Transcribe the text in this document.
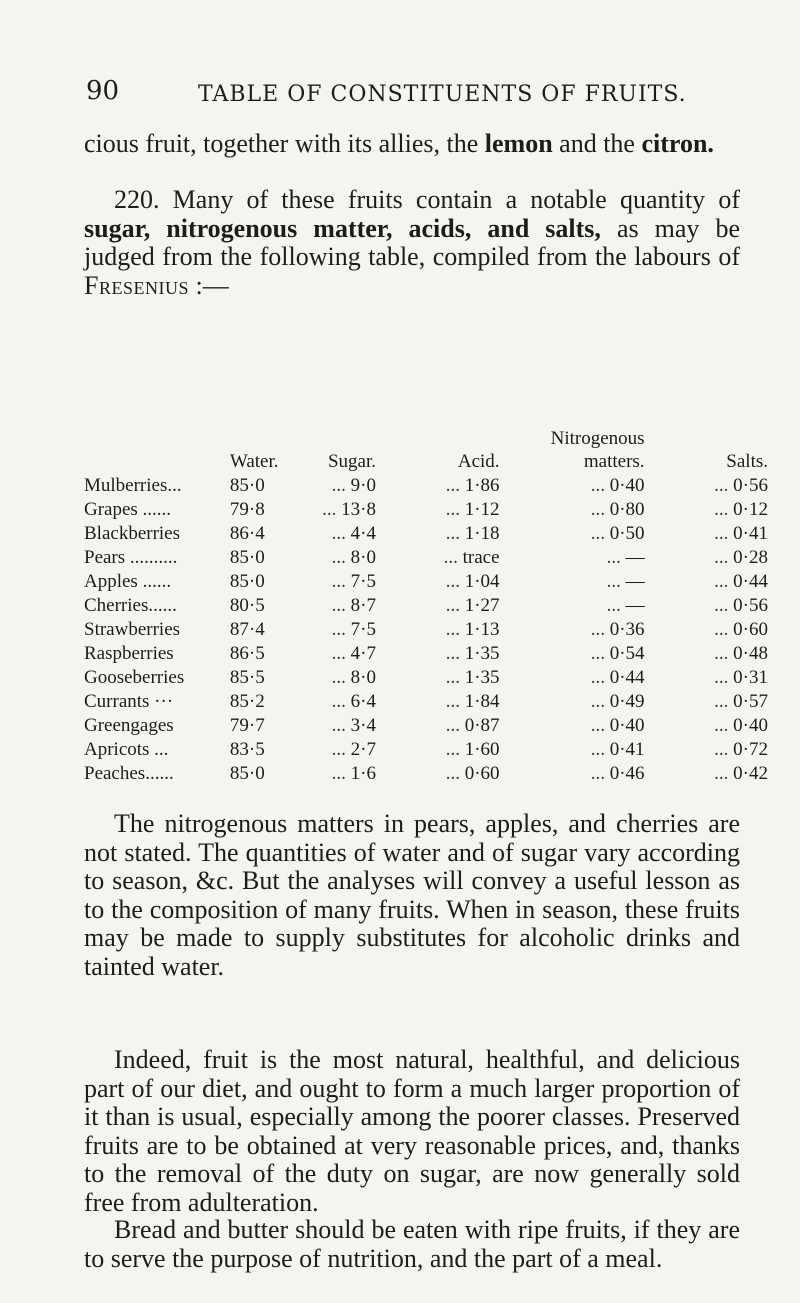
90	TABLE OF CONSTITUENTS OF FRUITS.
cious fruit, together with its allies, the lemon and the citron.
220. Many of these fruits contain a notable quantity of sugar, nitrogenous matter, acids, and salts, as may be judged from the following table, compiled from the labours of Fresenius :—
				Nitrogenous	
	Water.	Sugar.	Acid.	matters.	Salts.
Mulberries...	85·0	... 9·0	... 1·86	... 0·40	... 0·56
Grapes ......	79·8	... 13·8	... 1·12	... 0·80	... 0·12
Blackberries	86·4	... 4·4	... 1·18	... 0·50	... 0·41
Pears ..........	85·0	... 8·0	... trace	... —	... 0·28
Apples ......	85·0	... 7·5	... 1·04	... —	... 0·44
Cherries......	80·5	... 8·7	... 1·27	... —	... 0·56
Strawberries	87·4	... 7·5	... 1·13	... 0·36	... 0·60
Raspberries	86·5	... 4·7	... 1·35	... 0·54	... 0·48
Gooseberries	85·5	... 8·0	... 1·35	... 0·44	... 0·31
Currants ···	85·2	... 6·4	... 1·84	... 0·49	... 0·57
Greengages	79·7	... 3·4	... 0·87	... 0·40	... 0·40
Apricots ...	83·5	... 2·7	... 1·60	... 0·41	... 0·72
Peaches......	85·0	... 1·6	... 0·60	... 0·46	... 0·42
The nitrogenous matters in pears, apples, and cherries are not stated. The quantities of water and of sugar vary according to season, &c. But the analyses will convey a useful lesson as to the composition of many fruits. When in season, these fruits may be made to supply substitutes for alcoholic drinks and tainted water.
Indeed, fruit is the most natural, healthful, and delicious part of our diet, and ought to form a much larger proportion of it than is usual, especially among the poorer classes. Preserved fruits are to be obtained at very reasonable prices, and, thanks to the removal of the duty on sugar, are now generally sold free from adulteration.
Bread and butter should be eaten with ripe fruits, if they are to serve the purpose of nutrition, and the part of a meal.
